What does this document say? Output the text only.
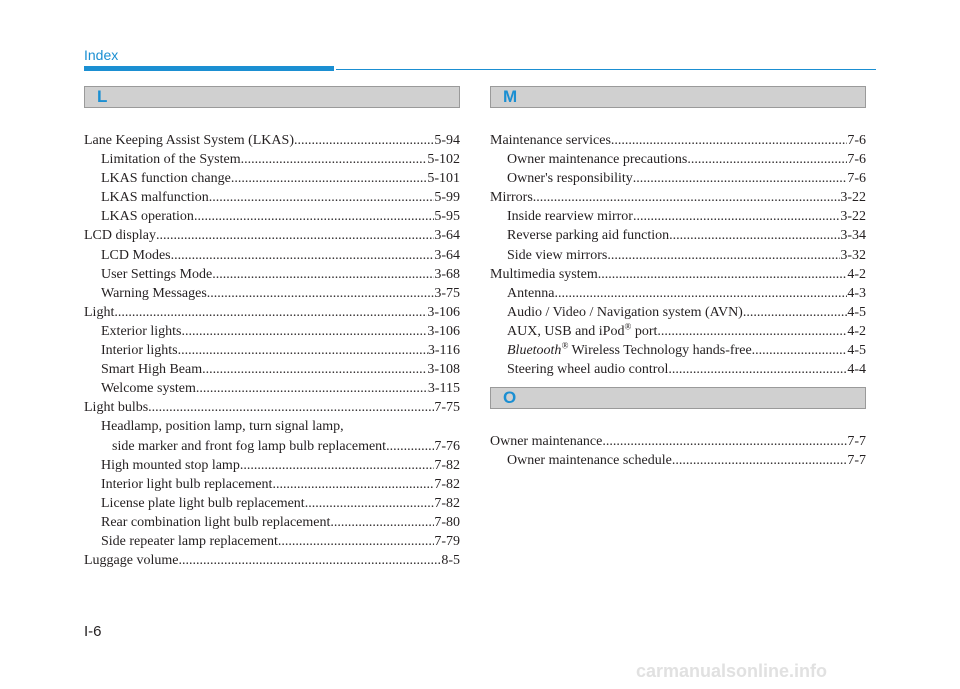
Index
L
Lane Keeping Assist System (LKAS) .....	5-94
Limitation of the System .....	5-102
LKAS function change .....	5-101
LKAS malfunction .....	5-99
LKAS operation .....	5-95
LCD display .....	3-64
LCD Modes .....	3-64
User Settings Mode .....	3-68
Warning Messages .....	3-75
Light .....	3-106
Exterior lights .....	3-106
Interior lights .....	3-116
Smart High Beam .....	3-108
Welcome system .....	3-115
Light bulbs .....	7-75
Headlamp, position lamp, turn signal lamp,
side marker and front fog lamp bulb replacement .....	7-76
High mounted stop lamp .....	7-82
Interior light bulb replacement .....	7-82
License plate light bulb replacement .....	7-82
Rear combination light bulb replacement .....	7-80
Side repeater lamp replacement .....	7-79
Luggage volume .....	8-5
M
Maintenance services .....	7-6
Owner maintenance precautions .....	7-6
Owner's responsibility .....	7-6
Mirrors .....	3-22
Inside rearview mirror .....	3-22
Reverse parking aid function .....	3-34
Side view mirrors .....	3-32
Multimedia system .....	4-2
Antenna .....	4-3
Audio / Video / Navigation system (AVN) .....	4-5
AUX, USB and iPod® port .....	4-2
Bluetooth® Wireless Technology hands-free .....	4-5
Steering wheel audio control .....	4-4
O
Owner maintenance .....	7-7
Owner maintenance schedule .....	7-7
I-6
carmanualsonline.info
